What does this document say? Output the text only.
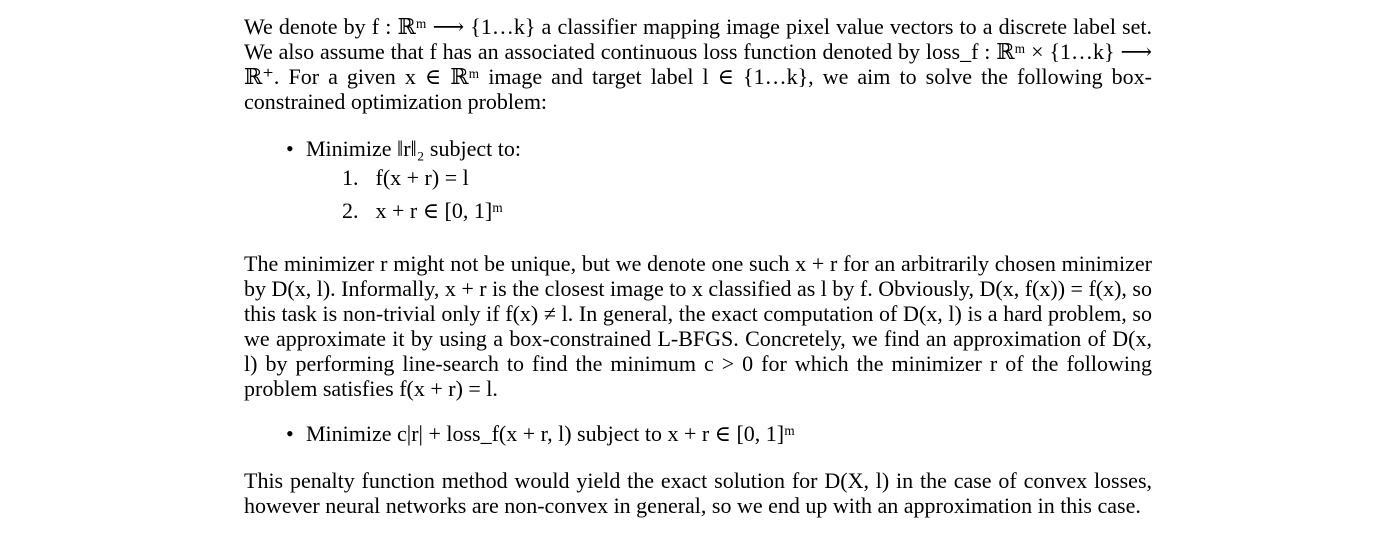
We denote by f : ℝᵐ ⟶ {1…k} a classifier mapping image pixel value vectors to a discrete label set. We also assume that f has an associated continuous loss function denoted by loss_f : ℝᵐ × {1…k} ⟶ ℝ⁺. For a given x ∈ ℝᵐ image and target label l ∈ {1…k}, we aim to solve the following box-constrained optimization problem:

• Minimize ‖r‖₂ subject to:
1. f(x + r) = l
2. x + r ∈ [0, 1]ᵐ

The minimizer r might not be unique, but we denote one such x + r for an arbitrarily chosen minimizer by D(x, l). Informally, x + r is the closest image to x classified as l by f. Obviously, D(x, f(x)) = f(x), so this task is non-trivial only if f(x) ≠ l. In general, the exact computation of D(x, l) is a hard problem, so we approximate it by using a box-constrained L-BFGS. Concretely, we find an approximation of D(x, l) by performing line-search to find the minimum c > 0 for which the minimizer r of the following problem satisfies f(x + r) = l.

• Minimize c|r| + loss_f(x + r, l) subject to x + r ∈ [0, 1]ᵐ

This penalty function method would yield the exact solution for D(X, l) in the case of convex losses, however neural networks are non-convex in general, so we end up with an approximation in this case.
